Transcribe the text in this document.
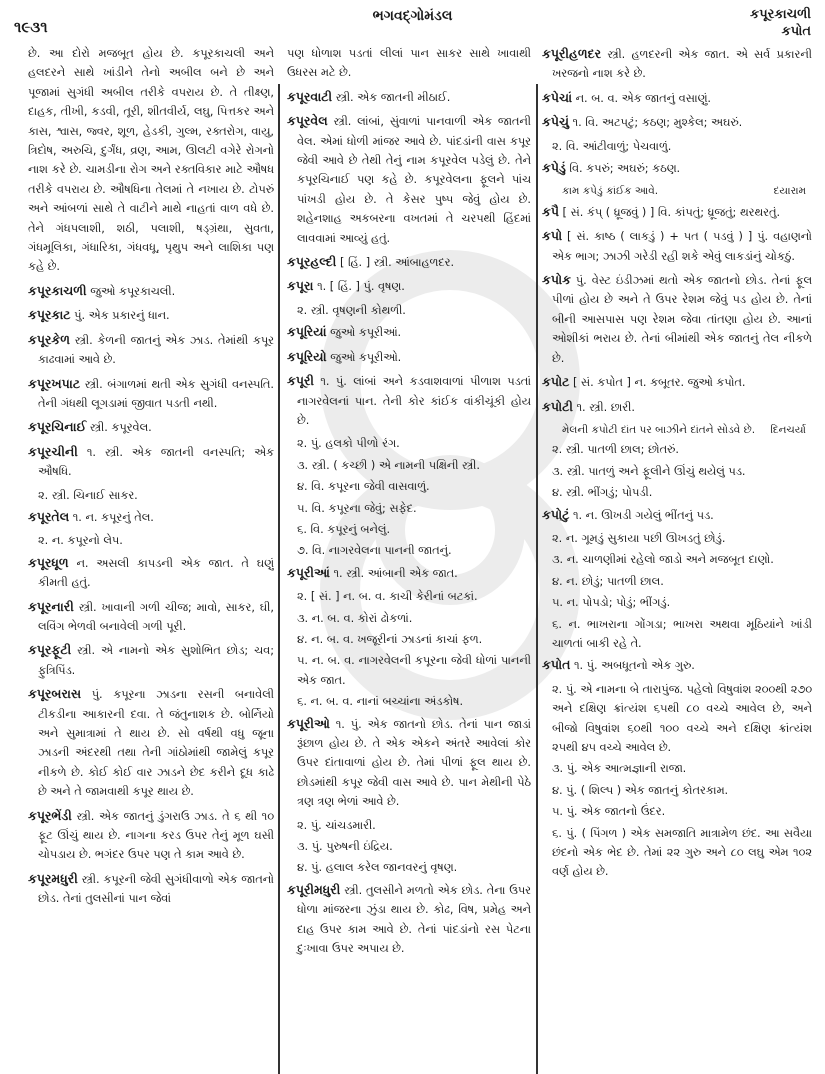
૧૯૩૧
ભગવદ્ગોમંડલ	કપૂરકાચળી
કપોત

છે. આ દોરો મજબૂત હોય છે. કપૂરકાચલી અને હલદરને સાથે ખાંડીને તેનો અબીલ બને છે અને પૂજામાં સુગંધી અબીલ તરીકે વપરાય છે. તે તીક્ષ્ણ, દાહક, તીખી, કડવી, તૂરી, શીતવીર્ય, લઘુ, પિત્તકર અને કાસ, શ્વાસ, જ્વર, શૂળ, હેડકી, ગુલ્મ, રક્તરોગ, વાયુ, ત્રિદોષ, અરુચિ, દુર્ગંધ, વ્રણ, આમ, ઊલટી વગેરે રોગનો નાશ કરે છે. ચામડીના રોગ અને રક્તવિકાર માટે ઔષધ તરીકે વપરાય છે. ઔષધિના તેલમાં તે નખાય છે. ટોપરું અને આંબળાં સાથે તે વાટીને માથે નાહતાં વાળ વધે છે. તેને ગંધપલાશી, શઠી, પલાશી, ષડ્ગ્રંથા, સુવતા, ગંધમૂલિકા, ગંધારિકા, ગંધવધૂ, પૃથુપ અને લાશિકા પણ કહે છે.

કપૂરકાચળી જુઓ કપૂરકાચલી.

કપૂરકાટ પું. એક પ્રકારનું ધાન.

કપૂરકેળ સ્ત્રી. કેળની જાતનું એક ઝાડ. તેમાંથી કપૂર કાઢવામાં આવે છે.

કપૂરખપાટ સ્ત્રી. બંગાળમાં થતી એક સુગંધી વનસ્પતિ. તેની ગંધથી લૂગડામાં જીવાત પડતી નથી.

કપૂરચિનાઈ સ્ત્રી. કપૂરવેલ.

કપૂરચીની ૧. સ્ત્રી. એક જાતની વનસ્પતિ; એક ઔષધિ.

૨. સ્ત્રી. ચિનાઈ સાકર.

કપૂરતેલ ૧. ન. કપૂરનું તેલ.

૨. ન. કપૂરનો લેપ.

કપૂરધૂળ ન. અસલી કાપડની એક જાત. તે ઘણું કીમતી હતું.

કપૂરનારી સ્ત્રી. ખાવાની ગળી ચીજ; માવો, સાકર, ઘી, લવિંગ ભેળવી બનાવેલી ગળી પૂરી.

કપૂરફૂટી સ્ત્રી. એ નામનો એક સુશોભિત છોડ; ચવ; ફુત્રિપિંડ.

કપૂરબરાસ પું. કપૂરના ઝાડના રસની બનાવેલી ટીકડીના આકારની દવા. તે જંતુનાશક છે. બોર્નિયો અને સુમાત્રામાં તે થાય છે. સો વર્ષથી વધુ જૂના ઝાડની અંદરથી તથા તેની ગાંઠોમાંથી જામેલું કપૂર નીકળે છે. કોઈ કોઈ વાર ઝાડને છેદ કરીને દૂધ કાઢે છે અને તે જામવાથી કપૂર થાય છે.

કપૂરભેંડી સ્ત્રી. એક જાતનું ડુંગરાઉ ઝાડ. તે ૬ થી ૧૦ ફૂટ ઊંચું થાય છે. નાગના કરડ ઉપર તેનું મૂળ ઘસી ચોપડાય છે. ભગંદર ઉપર પણ તે કામ આવે છે.

કપૂરમધુરી સ્ત્રી. કપૂરની જેવી સુગંધીવાળો એક જાતનો છોડ. તેનાં તુલસીનાં પાન જેવાં

પણ ધોળાશ પડતાં લીલાં પાન સાકર સાથે ખાવાથી ઉધરસ મટે છે.

કપૂરવાટી સ્ત્રી. એક જાતની મીઠાઈ.

કપૂરવેલ સ્ત્રી. લાંબાં, સુંવાળાં પાનવાળી એક જાતની વેલ. એમાં ધોળી માંજર આવે છે. પાંદડાંની વાસ કપૂર જેવી આવે છે તેથી તેનું નામ કપૂરવેલ પડેલું છે. તેને કપૂરચિનાઈ પણ કહે છે. કપૂરવેલના ફૂલને પાંચ પાંખડી હોય છે. તે કેસર પુષ્પ જેવું હોય છે. શહેનશાહ અકબરના વખતમાં તે ચરપથી હિંદમાં લાવવામાં આવ્યું હતું.

કપૂરહલ્દી [ હિં. ] સ્ત્રી. આંબાહળદર.

કપૂરા ૧. [ હિં. ] પું. વૃષણ.

૨. સ્ત્રી. વૃષણની કોથળી.

કપૂરિયાં જુઓ કપૂરીઆં.

કપૂરિયો જુઓ કપૂરીઓ.

કપૂરી ૧. પું. લાંબાં અને કડવાશવાળાં પીળાશ પડતાં નાગરવેલનાં પાન. તેની કોર કાંઈક વાંકીચૂંકી હોય છે.

૨. પું. હલકો પીળો રંગ.

૩. સ્ત્રી. ( કચ્છી ) એ નામની પક્ષિની સ્ત્રી.

૪. વિ. કપૂરના જેવી વાસવાળું.

૫. વિ. કપૂરના જેવું; સફેદ.

૬. વિ. કપૂરનું બનેલું.

૭. વિ. નાગરવેલના પાનની જાતનું.

કપૂરીઆં ૧. સ્ત્રી. આંબાની એક જાત.

૨. [ સં. ] ન. બ. વ. કાચી કેરીનાં બટકાં.

૩. ન. બ. વ. કોરાં ઢોકળાં.

૪. ન. બ. વ. ખજૂરીનાં ઝાડનાં કાચાં ફળ.

૫. ન. બ. વ. નાગરવેલની કપૂરના જેવી ધોળાં પાનની એક જાત.

૬. ન. બ. વ. નાનાં બચ્ચાંના અંડકોષ.

કપૂરીઓ ૧. પું. એક જાતનો છોડ. તેનાં પાન જાડાં રૂંછાળ હોય છે. તે એક એકને અંતરે આવેલાં કોર ઉપર દાંતાવાળાં હોય છે. તેમાં પીળાં ફૂલ થાય છે. છોડમાંથી કપૂર જેવી વાસ આવે છે. પાન મેથીની પેઠે ત્રણ ત્રણ ભેળાં આવે છે.

૨. પું. ચાંચડમારી.

૩. પું. પુરુષની ઇંદ્રિય.

૪. પું. હલાલ કરેલ જાનવરનું વૃષણ.

કપૂરીમધુરી સ્ત્રી. તુલસીને મળતો એક છોડ. તેના ઉપર ધોળા માંજરના ઝુંડા થાય છે. કોઢ, વિષ, પ્રમેહ અને દાહ ઉપર કામ આવે છે. તેનાં પાંદડાંનો રસ પેટના દુઃખાવા ઉપર અપાય છે.

કપૂરીહળદર સ્ત્રી. હળદરની એક જાત. એ સર્વ પ્રકારની ખરજનો નાશ કરે છે.

કપેચાં ન. બ. વ. એક જાતનું વસાણું.

કપેચું ૧. વિ. અટપટું; કઠણ; મુશ્કેલ; અઘરું.

૨. વિ. આંટીવાળું; પેચવાળું.

કપેડું વિ. કપરું; અઘરું; કઠણ.

કામ કપેડું કાંઈક આવે.	દયારામ

કપૈ [ સં. કંપ્ ( ધ્રૂજવું ) ] વિ. કાંપતું; ધ્રૂજતું; થરથરતું.

કપો [ સં. કાષ્ઠ ( લાકડું ) + પત ( પડવું ) ] પું. વહાણનો એક ભાગ; ઝાઝી ગરેડી રહી શકે એવું લાકડાંનું ચોકઠું.

કપોક પું. વેસ્ટ ઇંડીઝમાં થતો એક જાતનો છોડ. તેનાં ફૂલ પીળાં હોય છે અને તે ઉપર રેશમ જેવું પડ હોય છે. તેનાં બીની આસપાસ પણ રેશમ જેવા તાંતણા હોય છે. આનાં ઓશીકાં ભરાય છે. તેનાં બીમાંથી એક જાતનું તેલ નીકળે છે.

કપોટ [ સં. કપોત ] ન. કબૂતર. જુઓ કપોત.

કપોટી ૧. સ્ત્રી. છારી.

મેલની કપોટી દાંત પર બાઝીને દાંતને સોડવે છે. દિનચર્યા

૨. સ્ત્રી. પાતળી છાલ; છોતરું.

૩. સ્ત્રી. પાતળું અને ફૂલીને ઊંચું થયેલું પડ.

૪. સ્ત્રી. ભીંગડું; પોપડી.

કપોટું ૧. ન. ઊખડી ગયેલું ભીંતનું પડ.

૨. ન. ગૂમડું સુકાયા પછી ઊખડતું છોડું.

૩. ન. ચાળણીમાં રહેલો જાડો અને મજબૂત દાણો.

૪. ન. છોડું; પાતળી છાલ.

૫. ન. પોપડો; પોડું; ભીંગડું.

૬. ન. ભાખરાના ગોંગડા; ભાખરા અથવા મૂઠિયાંને ખાંડી ચાળતાં બાકી રહે તે.

કપોત ૧. પું. અબધૂતનો એક ગુરુ.

૨. પું. એ નામના બે તારાપુંજ. પહેલો વિષુવાંશ ૨૦૦થી ૨૭૦ અને દક્ષિણ ક્રાંત્યંશ ૬૫થી ૮૦ વચ્ચે આવેલ છે, અને બીજો વિષુવાંશ ૬૦થી ૧૦૦ વચ્ચે અને દક્ષિણ ક્રાંત્યંશ ૨૫થી ૪૫ વચ્ચે આવેલ છે.

૩. પું. એક આત્મજ્ઞાની રાજા.

૪. પું. ( શિલ્પ ) એક જાતનું કોતરકામ.

૫. પું. એક જાતનો ઉંદર.

૬. પું. ( પિંગળ ) એક સમજાતિ માત્રામેળ છંદ. આ સવૈયા છંદનો એક ભેદ છે. તેમાં ૨૨ ગુરુ અને ૮૦ લઘુ એમ ૧૦૨ વર્ણ હોય છે.
